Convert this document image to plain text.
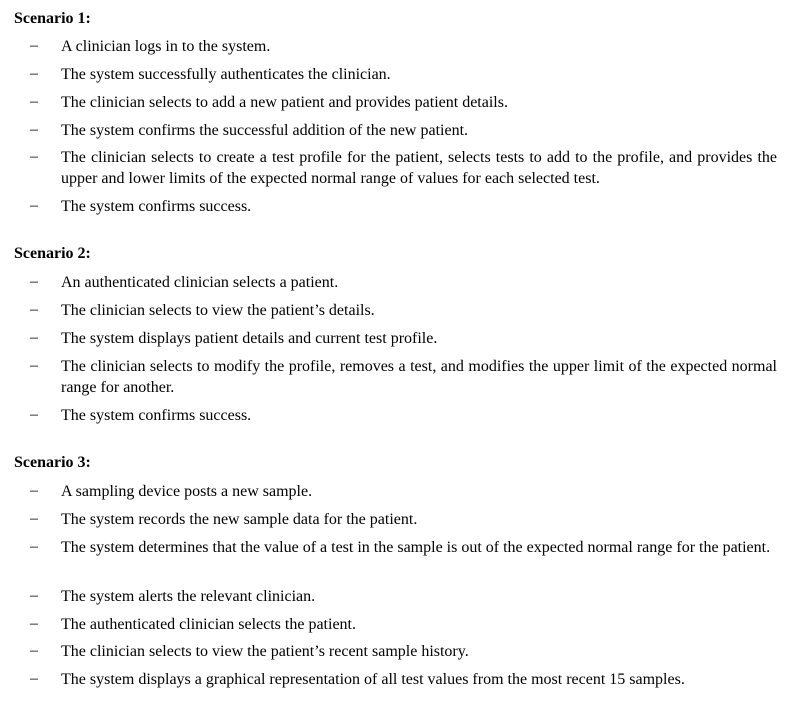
Scenario 1:
– A clinician logs in to the system.
– The system successfully authenticates the clinician.
– The clinician selects to add a new patient and provides patient details.
– The system confirms the successful addition of the new patient.
– The clinician selects to create a test profile for the patient, selects tests to add to the profile, and provides the upper and lower limits of the expected normal range of values for each selected test.
– The system confirms success.
Scenario 2:
– An authenticated clinician selects a patient.
– The clinician selects to view the patient’s details.
– The system displays patient details and current test profile.
– The clinician selects to modify the profile, removes a test, and modifies the upper limit of the expected normal range for another.
– The system confirms success.
Scenario 3:
– A sampling device posts a new sample.
– The system records the new sample data for the patient.
– The system determines that the value of a test in the sample is out of the expected normal range for the patient.
– The system alerts the relevant clinician.
– The authenticated clinician selects the patient.
– The clinician selects to view the patient’s recent sample history.
– The system displays a graphical representation of all test values from the most recent 15 samples.
